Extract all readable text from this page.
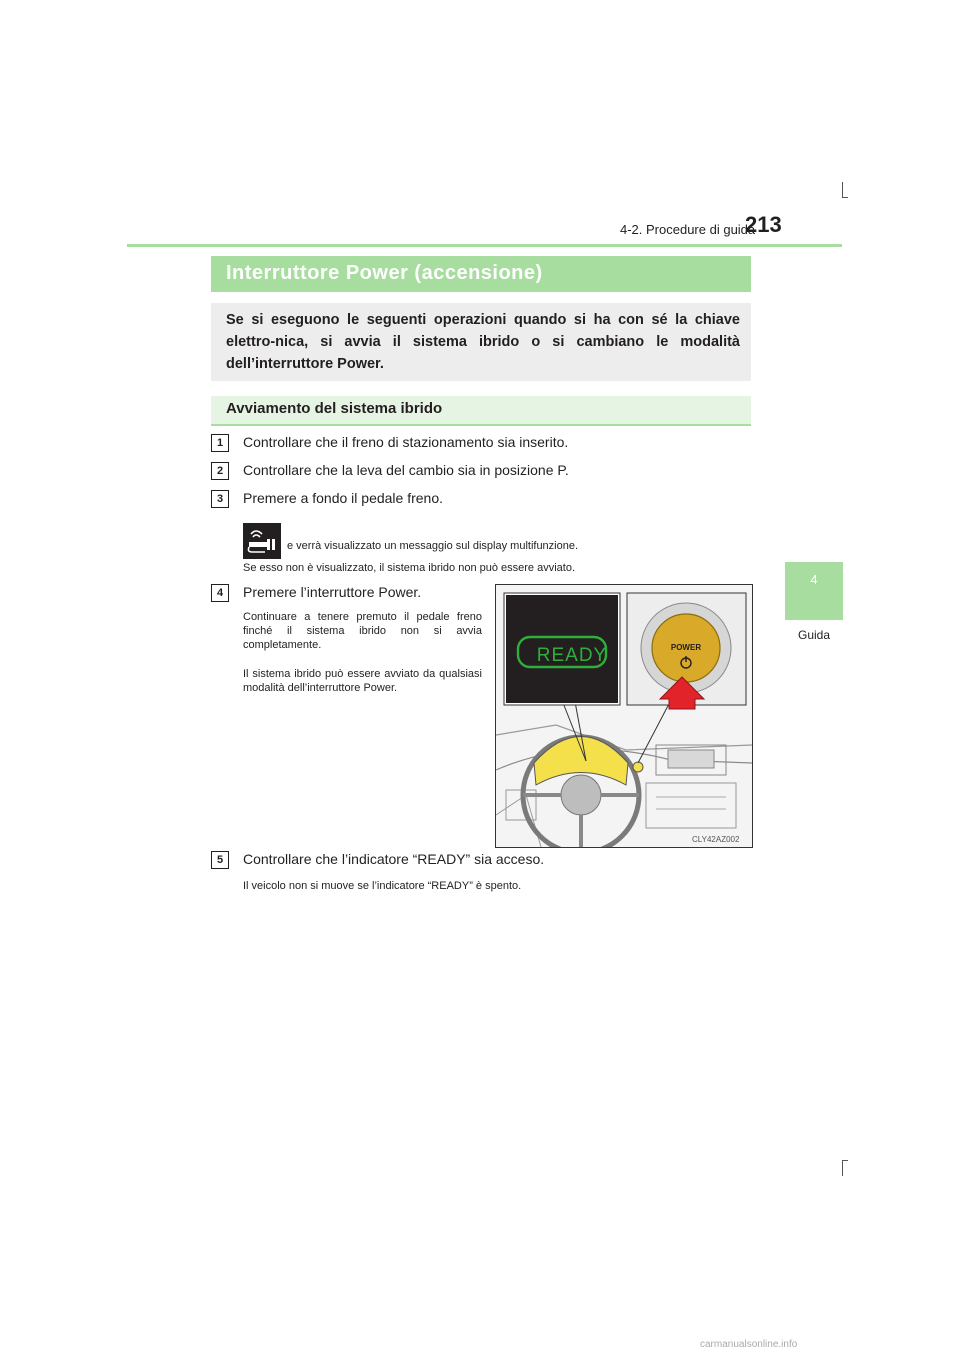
4-2. Procedure di guida
213
4
Guida
Interruttore Power (accensione)
Se si eseguono le seguenti operazioni quando si ha con sé la chiave elettro-nica, si avvia il sistema ibrido o si cambiano le modalità dell’interruttore Power.
Avviamento del sistema ibrido
1	Controllare che il freno di stazionamento sia inserito.
2	Controllare che la leva del cambio sia in posizione P.
3	Premere a fondo il pedale freno.
e verrà visualizzato un messaggio sul display multifunzione.
Se esso non è visualizzato, il sistema ibrido non può essere avviato.
4	Premere l’interruttore Power.
Continuare a tenere premuto il pedale freno finché il sistema ibrido non si avvia completamente.
Il sistema ibrido può essere avviato da qualsiasi modalità dell’interruttore Power.
READY	POWER
CLY42AZ002
5	Controllare che l’indicatore “READY” sia acceso.
Il veicolo non si muove se l’indicatore “READY” è spento.
carmanualsonline.info
